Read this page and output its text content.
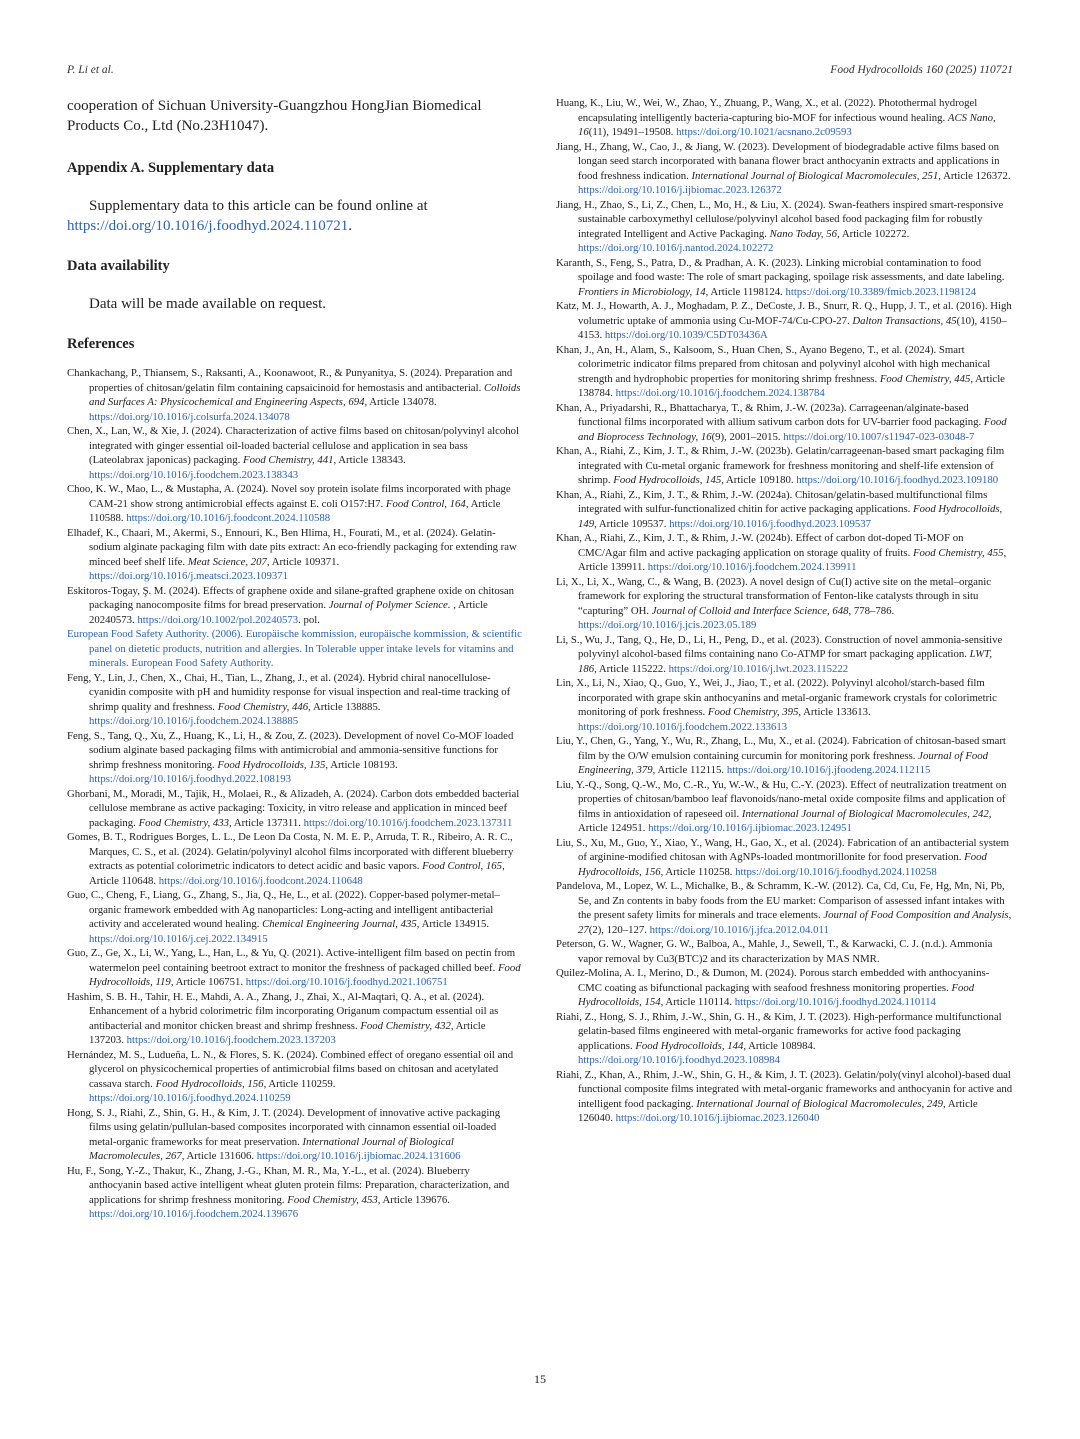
P. Li et al.	Food Hydrocolloids 160 (2025) 110721

cooperation of Sichuan University-Guangzhou HongJian Biomedical Products Co., Ltd (No.23H1047).

Appendix A. Supplementary data

Supplementary data to this article can be found online at https://doi.org/10.1016/j.foodhyd.2024.110721.

Data availability

Data will be made available on request.

References

Chankachang, P., Thiansem, S., Raksanti, A., Koonawoot, R., & Punyanitya, S. (2024). Preparation and properties of chitosan/gelatin film containing capsaicinoid for hemostasis and antibacterial. Colloids and Surfaces A: Physicochemical and Engineering Aspects, 694, Article 134078. https://doi.org/10.1016/j.colsurfa.2024.134078

Chen, X., Lan, W., & Xie, J. (2024). Characterization of active films based on chitosan/polyvinyl alcohol integrated with ginger essential oil-loaded bacterial cellulose and application in sea bass (Lateolabrax japonicas) packaging. Food Chemistry, 441, Article 138343. https://doi.org/10.1016/j.foodchem.2023.138343

Choo, K. W., Mao, L., & Mustapha, A. (2024). Novel soy protein isolate films incorporated with phage CAM-21 show strong antimicrobial effects against E. coli O157:H7. Food Control, 164, Article 110588. https://doi.org/10.1016/j.foodcont.2024.110588

Elhadef, K., Chaari, M., Akermi, S., Ennouri, K., Ben Hlima, H., Fourati, M., et al. (2024). Gelatin-sodium alginate packaging film with date pits extract: An eco-friendly packaging for extending raw minced beef shelf life. Meat Science, 207, Article 109371. https://doi.org/10.1016/j.meatsci.2023.109371

Eskitoros-Togay, Ş. M. (2024). Effects of graphene oxide and silane-grafted graphene oxide on chitosan packaging nanocomposite films for bread preservation. Journal of Polymer Science. , Article 20240573. https://doi.org/10.1002/pol.20240573. pol.

European Food Safety Authority. (2006). Europäische kommission, europäische kommission, & scientific panel on dietetic products, nutrition and allergies. In Tolerable upper intake levels for vitamins and minerals. European Food Safety Authority.

Feng, Y., Lin, J., Chen, X., Chai, H., Tian, L., Zhang, J., et al. (2024). Hybrid chiral nanocellulose-cyanidin composite with pH and humidity response for visual inspection and real-time tracking of shrimp quality and freshness. Food Chemistry, 446, Article 138885. https://doi.org/10.1016/j.foodchem.2024.138885

Feng, S., Tang, Q., Xu, Z., Huang, K., Li, H., & Zou, Z. (2023). Development of novel Co-MOF loaded sodium alginate based packaging films with antimicrobial and ammonia-sensitive functions for shrimp freshness monitoring. Food Hydrocolloids, 135, Article 108193. https://doi.org/10.1016/j.foodhyd.2022.108193

Ghorbani, M., Moradi, M., Tajik, H., Molaei, R., & Alizadeh, A. (2024). Carbon dots embedded bacterial cellulose membrane as active packaging: Toxicity, in vitro release and application in minced beef packaging. Food Chemistry, 433, Article 137311. https://doi.org/10.1016/j.foodchem.2023.137311

Gomes, B. T., Rodrigues Borges, L. L., De Leon Da Costa, N. M. E. P., Arruda, T. R., Ribeiro, A. R. C., Marques, C. S., et al. (2024). Gelatin/polyvinyl alcohol films incorporated with different blueberry extracts as potential colorimetric indicators to detect acidic and basic vapors. Food Control, 165, Article 110648. https://doi.org/10.1016/j.foodcont.2024.110648

Guo, C., Cheng, F., Liang, G., Zhang, S., Jia, Q., He, L., et al. (2022). Copper-based polymer-metal–organic framework embedded with Ag nanoparticles: Long-acting and intelligent antibacterial activity and accelerated wound healing. Chemical Engineering Journal, 435, Article 134915. https://doi.org/10.1016/j.cej.2022.134915

Guo, Z., Ge, X., Li, W., Yang, L., Han, L., & Yu, Q. (2021). Active-intelligent film based on pectin from watermelon peel containing beetroot extract to monitor the freshness of packaged chilled beef. Food Hydrocolloids, 119, Article 106751. https://doi.org/10.1016/j.foodhyd.2021.106751

Hashim, S. B. H., Tahir, H. E., Mahdi, A. A., Zhang, J., Zhai, X., Al-Maqtari, Q. A., et al. (2024). Enhancement of a hybrid colorimetric film incorporating Origanum compactum essential oil as antibacterial and monitor chicken breast and shrimp freshness. Food Chemistry, 432, Article 137203. https://doi.org/10.1016/j.foodchem.2023.137203

Hernández, M. S., Ludueña, L. N., & Flores, S. K. (2024). Combined effect of oregano essential oil and glycerol on physicochemical properties of antimicrobial films based on chitosan and acetylated cassava starch. Food Hydrocolloids, 156, Article 110259. https://doi.org/10.1016/j.foodhyd.2024.110259

Hong, S. J., Riahi, Z., Shin, G. H., & Kim, J. T. (2024). Development of innovative active packaging films using gelatin/pullulan-based composites incorporated with cinnamon essential oil-loaded metal-organic frameworks for meat preservation. International Journal of Biological Macromolecules, 267, Article 131606. https://doi.org/10.1016/j.ijbiomac.2024.131606

Hu, F., Song, Y.-Z., Thakur, K., Zhang, J.-G., Khan, M. R., Ma, Y.-L., et al. (2024). Blueberry anthocyanin based active intelligent wheat gluten protein films: Preparation, characterization, and applications for shrimp freshness monitoring. Food Chemistry, 453, Article 139676. https://doi.org/10.1016/j.foodchem.2024.139676

Huang, K., Liu, W., Wei, W., Zhao, Y., Zhuang, P., Wang, X., et al. (2022). Photothermal hydrogel encapsulating intelligently bacteria-capturing bio-MOF for infectious wound healing. ACS Nano, 16(11), 19491–19508. https://doi.org/10.1021/acsnano.2c09593

Jiang, H., Zhang, W., Cao, J., & Jiang, W. (2023). Development of biodegradable active films based on longan seed starch incorporated with banana flower bract anthocyanin extracts and applications in food freshness indication. International Journal of Biological Macromolecules, 251, Article 126372. https://doi.org/10.1016/j.ijbiomac.2023.126372

Jiang, H., Zhao, S., Li, Z., Chen, L., Mo, H., & Liu, X. (2024). Swan-feathers inspired smart-responsive sustainable carboxymethyl cellulose/polyvinyl alcohol based food packaging film for robustly integrated Intelligent and Active Packaging. Nano Today, 56, Article 102272. https://doi.org/10.1016/j.nantod.2024.102272

Karanth, S., Feng, S., Patra, D., & Pradhan, A. K. (2023). Linking microbial contamination to food spoilage and food waste: The role of smart packaging, spoilage risk assessments, and date labeling. Frontiers in Microbiology, 14, Article 1198124. https://doi.org/10.3389/fmicb.2023.1198124

Katz, M. J., Howarth, A. J., Moghadam, P. Z., DeCoste, J. B., Snurr, R. Q., Hupp, J. T., et al. (2016). High volumetric uptake of ammonia using Cu-MOF-74/Cu-CPO-27. Dalton Transactions, 45(10), 4150–4153. https://doi.org/10.1039/C5DT03436A

Khan, J., An, H., Alam, S., Kalsoom, S., Huan Chen, S., Ayano Begeno, T., et al. (2024). Smart colorimetric indicator films prepared from chitosan and polyvinyl alcohol with high mechanical strength and hydrophobic properties for monitoring shrimp freshness. Food Chemistry, 445, Article 138784. https://doi.org/10.1016/j.foodchem.2024.138784

Khan, A., Priyadarshi, R., Bhattacharya, T., & Rhim, J.-W. (2023a). Carrageenan/alginate-based functional films incorporated with allium sativum carbon dots for UV-barrier food packaging. Food and Bioprocess Technology, 16(9), 2001–2015. https://doi.org/10.1007/s11947-023-03048-7

Khan, A., Riahi, Z., Kim, J. T., & Rhim, J.-W. (2023b). Gelatin/carrageenan-based smart packaging film integrated with Cu-metal organic framework for freshness monitoring and shelf-life extension of shrimp. Food Hydrocolloids, 145, Article 109180. https://doi.org/10.1016/j.foodhyd.2023.109180

Khan, A., Riahi, Z., Kim, J. T., & Rhim, J.-W. (2024a). Chitosan/gelatin-based multifunctional films integrated with sulfur-functionalized chitin for active packaging applications. Food Hydrocolloids, 149, Article 109537. https://doi.org/10.1016/j.foodhyd.2023.109537

Khan, A., Riahi, Z., Kim, J. T., & Rhim, J.-W. (2024b). Effect of carbon dot-doped Ti-MOF on CMC/Agar film and active packaging application on storage quality of fruits. Food Chemistry, 455, Article 139911. https://doi.org/10.1016/j.foodchem.2024.139911

Li, X., Li, X., Wang, C., & Wang, B. (2023). A novel design of Cu(I) active site on the metal–organic framework for exploring the structural transformation of Fenton-like catalysts through in situ “capturing” OH. Journal of Colloid and Interface Science, 648, 778–786. https://doi.org/10.1016/j.jcis.2023.05.189

Li, S., Wu, J., Tang, Q., He, D., Li, H., Peng, D., et al. (2023). Construction of novel ammonia-sensitive polyvinyl alcohol-based films containing nano Co-ATMP for smart packaging application. LWT, 186, Article 115222. https://doi.org/10.1016/j.lwt.2023.115222

Lin, X., Li, N., Xiao, Q., Guo, Y., Wei, J., Jiao, T., et al. (2022). Polyvinyl alcohol/starch-based film incorporated with grape skin anthocyanins and metal-organic framework crystals for colorimetric monitoring of pork freshness. Food Chemistry, 395, Article 133613. https://doi.org/10.1016/j.foodchem.2022.133613

Liu, Y., Chen, G., Yang, Y., Wu, R., Zhang, L., Mu, X., et al. (2024). Fabrication of chitosan-based smart film by the O/W emulsion containing curcumin for monitoring pork freshness. Journal of Food Engineering, 379, Article 112115. https://doi.org/10.1016/j.jfoodeng.2024.112115

Liu, Y.-Q., Song, Q.-W., Mo, C.-R., Yu, W.-W., & Hu, C.-Y. (2023). Effect of neutralization treatment on properties of chitosan/bamboo leaf flavonoids/nano-metal oxide composite films and application of films in antioxidation of rapeseed oil. International Journal of Biological Macromolecules, 242, Article 124951. https://doi.org/10.1016/j.ijbiomac.2023.124951

Liu, S., Xu, M., Guo, Y., Xiao, Y., Wang, H., Gao, X., et al. (2024). Fabrication of an antibacterial system of arginine-modified chitosan with AgNPs-loaded montmorillonite for food preservation. Food Hydrocolloids, 156, Article 110258. https://doi.org/10.1016/j.foodhyd.2024.110258

Pandelova, M., Lopez, W. L., Michalke, B., & Schramm, K.-W. (2012). Ca, Cd, Cu, Fe, Hg, Mn, Ni, Pb, Se, and Zn contents in baby foods from the EU market: Comparison of assessed infant intakes with the present safety limits for minerals and trace elements. Journal of Food Composition and Analysis, 27(2), 120–127. https://doi.org/10.1016/j.jfca.2012.04.011

Peterson, G. W., Wagner, G. W., Balboa, A., Mahle, J., Sewell, T., & Karwacki, C. J. (n.d.). Ammonia vapor removal by Cu3(BTC)2 and its characterization by MAS NMR.

Quilez-Molina, A. I., Merino, D., & Dumon, M. (2024). Porous starch embedded with anthocyanins-CMC coating as bifunctional packaging with seafood freshness monitoring properties. Food Hydrocolloids, 154, Article 110114. https://doi.org/10.1016/j.foodhyd.2024.110114

Riahi, Z., Hong, S. J., Rhim, J.-W., Shin, G. H., & Kim, J. T. (2023). High-performance multifunctional gelatin-based films engineered with metal-organic frameworks for active food packaging applications. Food Hydrocolloids, 144, Article 108984. https://doi.org/10.1016/j.foodhyd.2023.108984

Riahi, Z., Khan, A., Rhim, J.-W., Shin, G. H., & Kim, J. T. (2023). Gelatin/poly(vinyl alcohol)-based dual functional composite films integrated with metal-organic frameworks and anthocyanin for active and intelligent food packaging. International Journal of Biological Macromolecules, 249, Article 126040. https://doi.org/10.1016/j.ijbiomac.2023.126040

15
